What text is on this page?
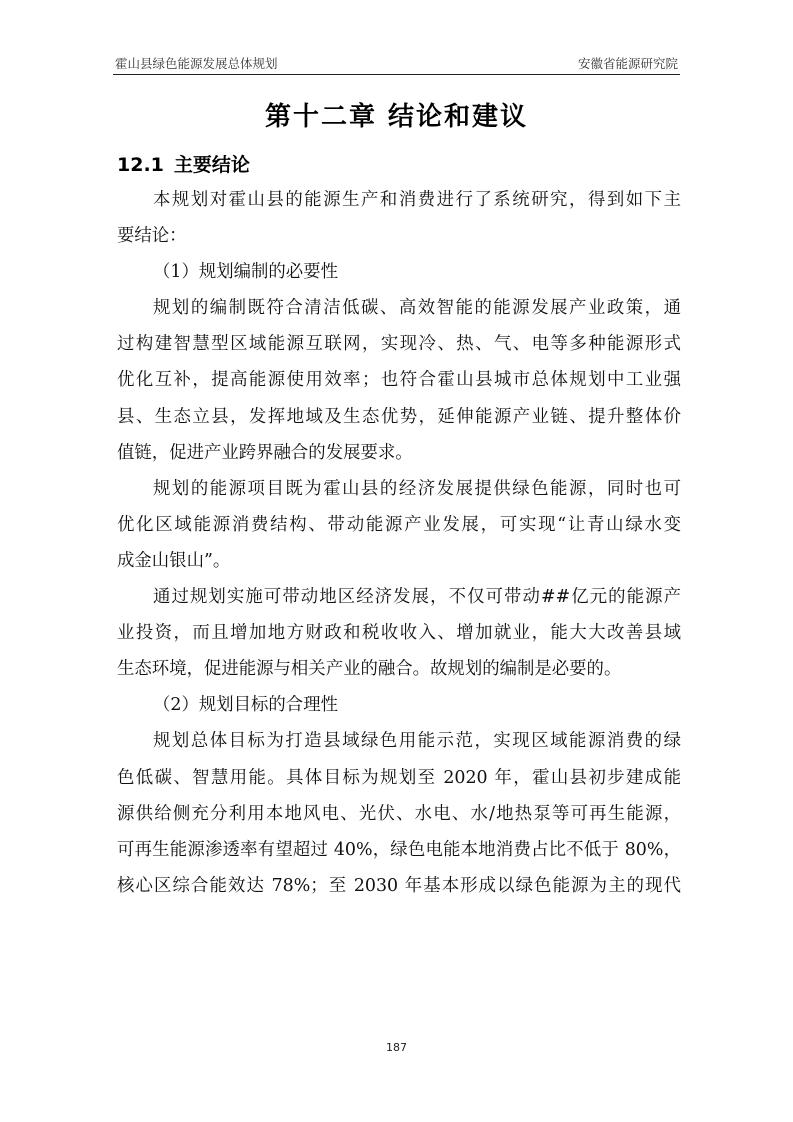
霍山县绿色能源发展总体规划	安徽省能源研究院
第十二章 结论和建议
12.1 主要结论
本规划对霍山县的能源生产和消费进行了系统研究，得到如下主
要结论：
（1）规划编制的必要性
规划的编制既符合清洁低碳、高效智能的能源发展产业政策，通
过构建智慧型区域能源互联网，实现冷、热、气、电等多种能源形式
优化互补，提高能源使用效率；也符合霍山县城市总体规划中工业强
县、生态立县，发挥地域及生态优势，延伸能源产业链、提升整体价
值链，促进产业跨界融合的发展要求。
规划的能源项目既为霍山县的经济发展提供绿色能源，同时也可
优化区域能源消费结构、带动能源产业发展，可实现“让青山绿水变
成金山银山”。
通过规划实施可带动地区经济发展，不仅可带动##亿元的能源产
业投资，而且增加地方财政和税收收入、增加就业，能大大改善县域
生态环境，促进能源与相关产业的融合。故规划的编制是必要的。
（2）规划目标的合理性
规划总体目标为打造县域绿色用能示范，实现区域能源消费的绿
色低碳、智慧用能。具体目标为规划至 2020 年，霍山县初步建成能
源供给侧充分利用本地风电、光伏、水电、水/地热泵等可再生能源，
可再生能源渗透率有望超过 40%，绿色电能本地消费占比不低于 80%，
核心区综合能效达 78%；至 2030 年基本形成以绿色能源为主的现代
187
